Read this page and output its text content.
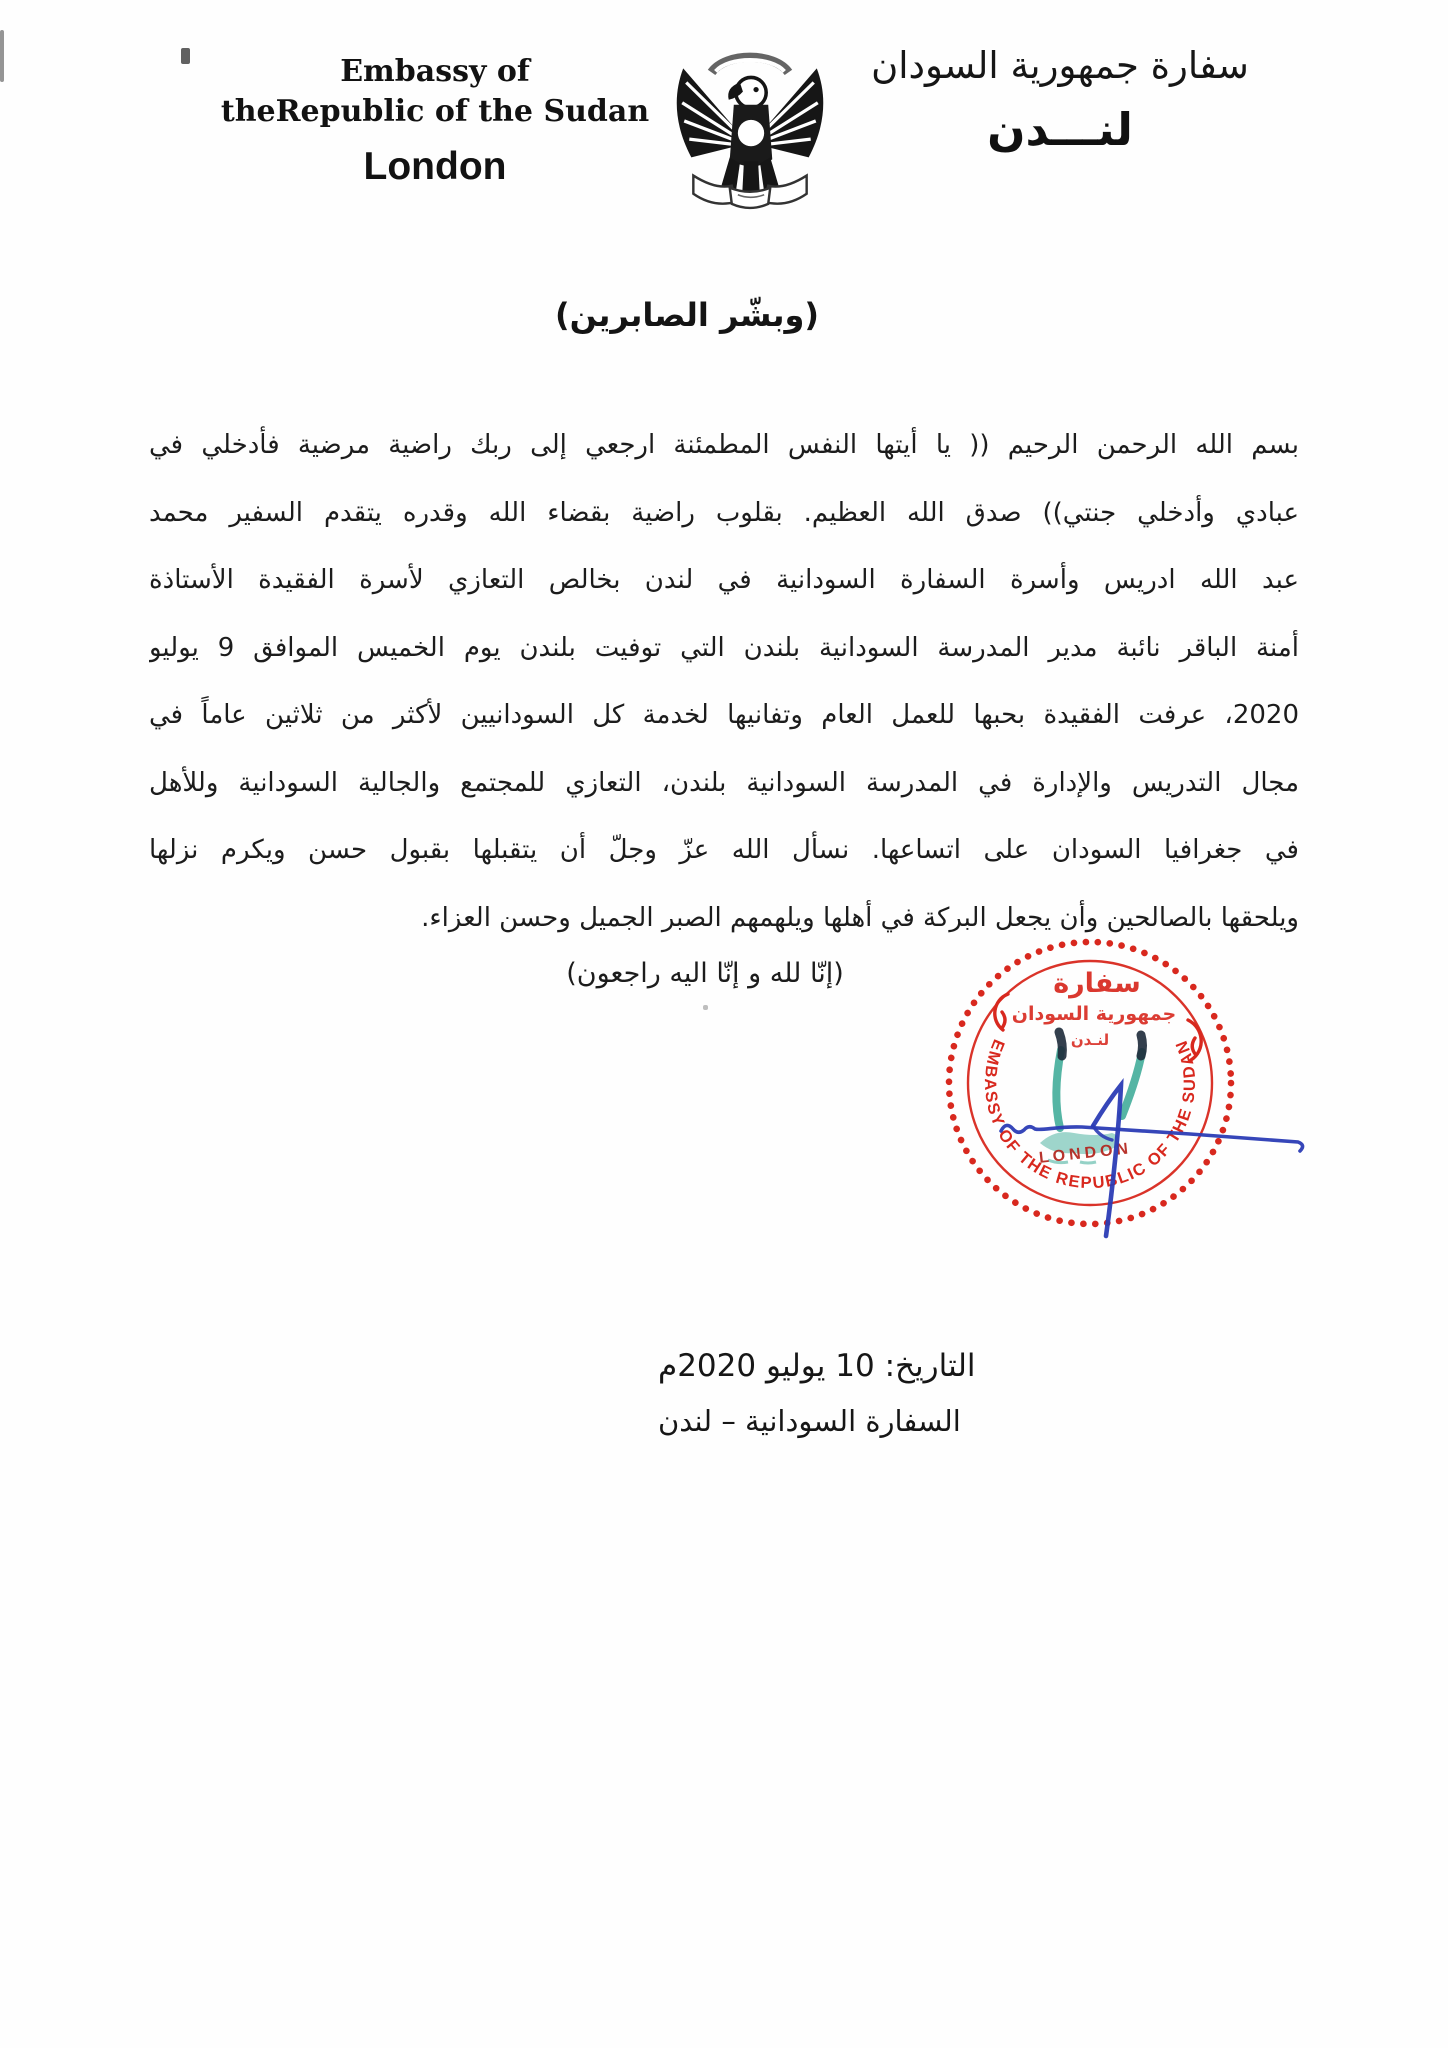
Embassy of
theRepublic of the Sudan
London
سفارة جمهورية السودان
لنـــدن
(وبشّر الصابرين)
بسم الله الرحمن الرحيم (( يا أيتها النفس المطمئنة ارجعي إلى ربك راضية مرضية فأدخلي في
عبادي وأدخلي جنتي)) صدق الله العظيم. بقلوب راضية بقضاء الله وقدره يتقدم السفير محمد
عبد الله ادريس وأسرة السفارة السودانية في لندن بخالص التعازي لأسرة الفقيدة الأستاذة
أمنة الباقر نائبة مدير المدرسة السودانية بلندن التي توفيت بلندن يوم الخميس الموافق 9 يوليو
2020، عرفت الفقيدة بحبها للعمل العام وتفانيها لخدمة كل السودانيين لأكثر من ثلاثين عاماً في
مجال التدريس والإدارة في المدرسة السودانية بلندن، التعازي للمجتمع والجالية السودانية وللأهل
في جغرافيا السودان على اتساعها. نسأل الله عزّ وجلّ أن يتقبلها بقبول حسن ويكرم نزلها
ويلحقها بالصالحين وأن يجعل البركة في أهلها ويلهمهم الصبر الجميل وحسن العزاء.
(إنّا لله و إنّا اليه راجعون)
EMBASSY OF THE REPUBLIC OF THE SUDAN
سفارة
جمهورية السودان
لنـدن
LONDON
التاريخ: 10 يوليو 2020م
السفارة السودانية – لندن
